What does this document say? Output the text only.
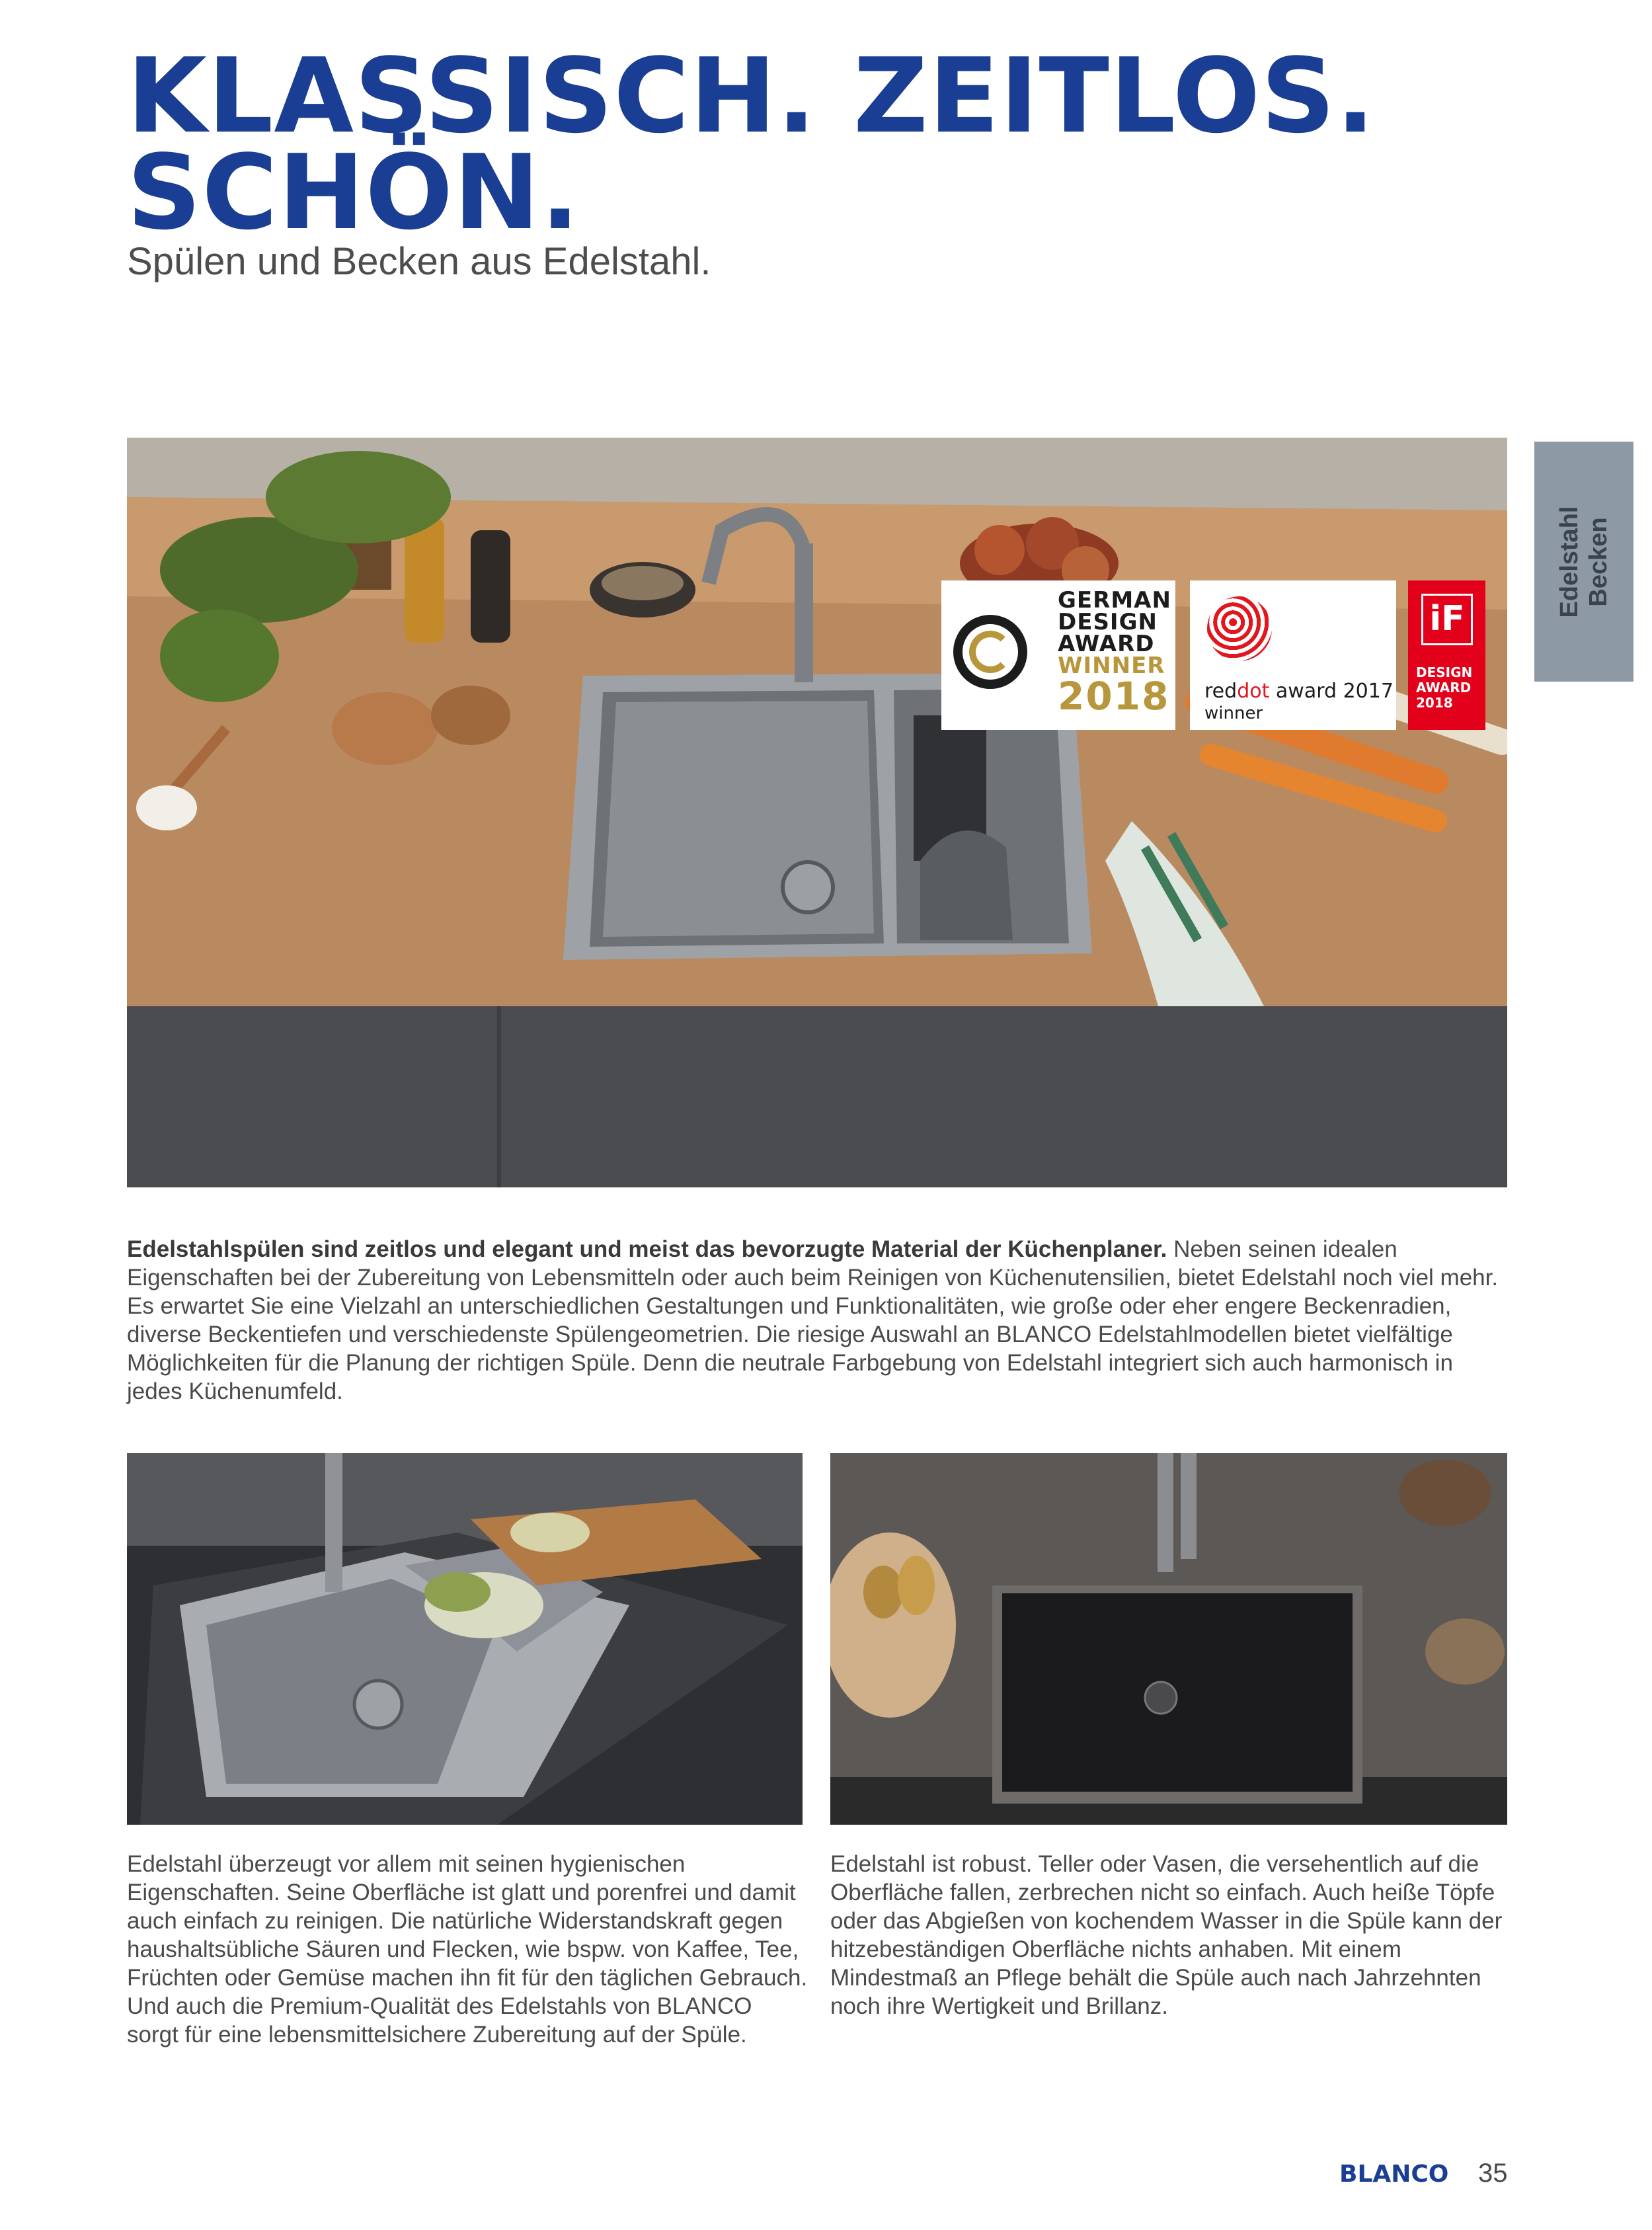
KLASSISCH. ZEITLOS.
SCHÖN.
Spülen und Becken aus Edelstahl.
Edelstahl
Becken
GERMAN
DESIGN
AWARD
WINNER
2018 reddot award 2017
winner
iF
DESIGN
AWARD
2018

Edelstahlspülen sind zeitlos und elegant und meist das bevorzugte Material der Küchenplaner. Neben seinen idealen Eigenschaften bei der Zubereitung von Lebensmitteln oder auch beim Reinigen von Küchenutensilien, bietet Edelstahl noch viel mehr. Es erwartet Sie eine Vielzahl an unterschiedlichen Gestaltungen und Funktionalitäten, wie große oder eher engere Beckenradien, diverse Beckentiefen und verschiedenste Spülengeometrien. Die riesige Auswahl an BLANCO Edelstahlmodellen bietet vielfältige Möglichkeiten für die Planung der richtigen Spüle. Denn die neutrale Farbgebung von Edelstahl integriert sich auch harmonisch in jedes Küchenumfeld.

Edelstahl überzeugt vor allem mit seinen hygienischen Eigenschaften. Seine Oberfläche ist glatt und porenfrei und damit auch einfach zu reinigen. Die natürliche Widerstandskraft gegen haushaltsübliche Säuren und Flecken, wie bspw. von Kaffee, Tee, Früchten oder Gemüse machen ihn fit für den täglichen Gebrauch. Und auch die Premium-Qualität des Edelstahls von BLANCO sorgt für eine lebensmittelsichere Zubereitung auf der Spüle.

Edelstahl ist robust. Teller oder Vasen, die versehentlich auf die Oberfläche fallen, zerbrechen nicht so einfach. Auch heiße Töpfe oder das Abgießen von kochendem Wasser in die Spüle kann der hitzebeständigen Oberfläche nichts anhaben. Mit einem Mindestmaß an Pflege behält die Spüle auch nach Jahrzehnten noch ihre Wertigkeit und Brillanz.

BLANCO 35
